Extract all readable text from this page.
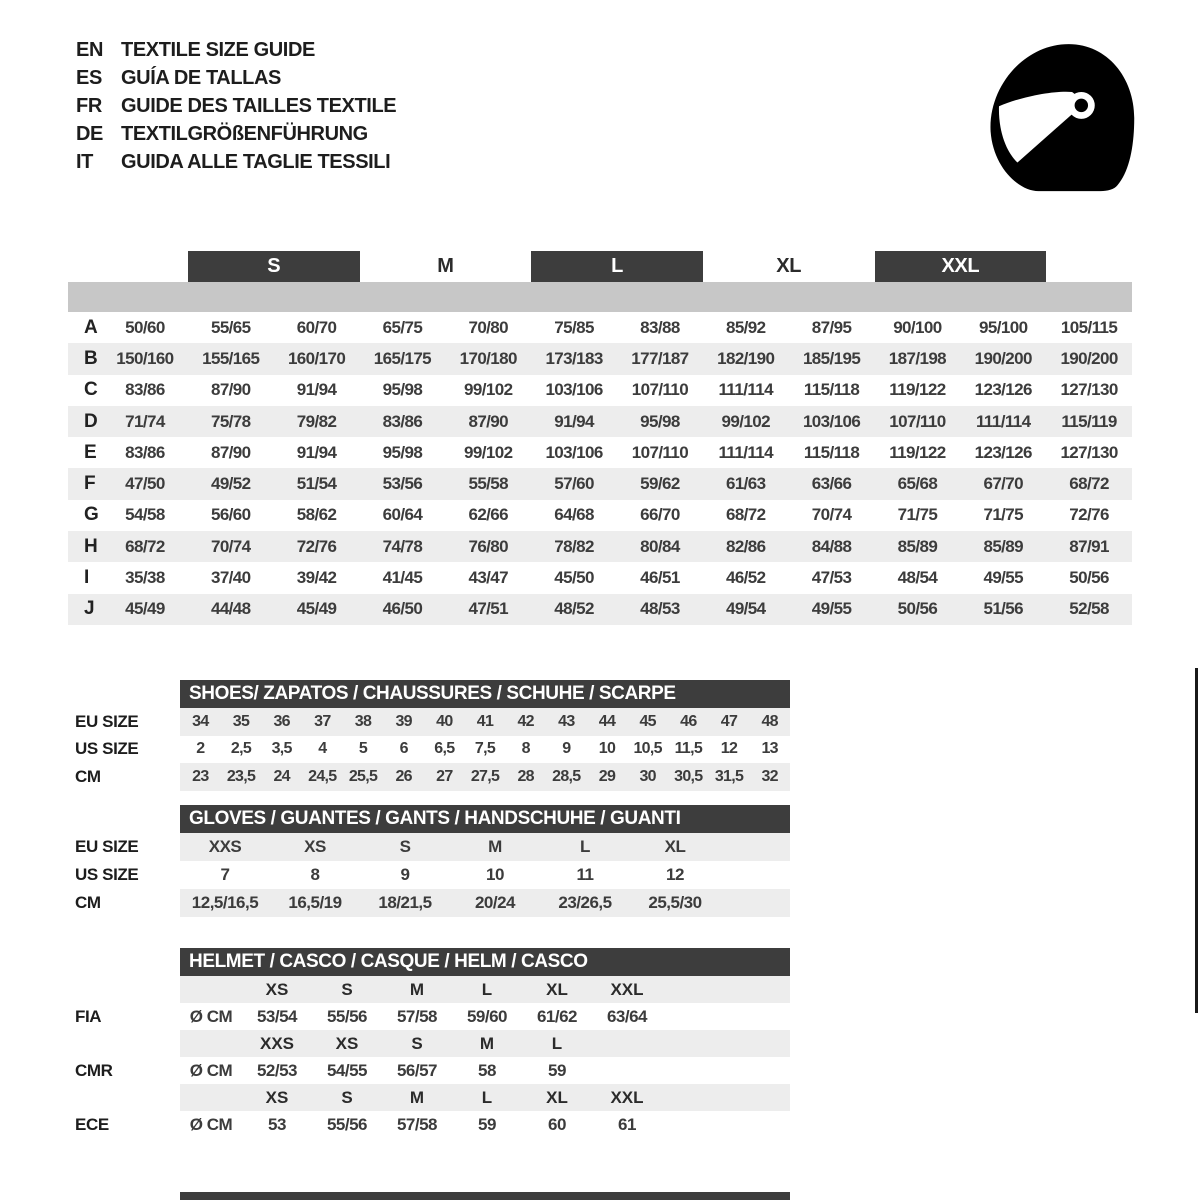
EN TEXTILE SIZE GUIDE
ES GUÍA DE TALLAS
FR GUIDE DES TAILLES TEXTILE
DE TEXTILGRÖßENFÜHRUNG
IT	GUIDA ALLE TAGLIE TESSILI
S	M	L	XL	XXL
A	50/60	55/65	60/70	65/75	70/80	75/85	83/88	85/92	87/95	90/100	95/100	105/115
B	150/160	155/165	160/170	165/175	170/180	173/183	177/187	182/190	185/195	187/198	190/200	190/200
C	83/86	87/90	91/94	95/98	99/102	103/106	107/110	111/114	115/118	119/122	123/126	127/130
D	71/74	75/78	79/82	83/86	87/90	91/94	95/98	99/102	103/106	107/110	111/114	115/119
E	83/86	87/90	91/94	95/98	99/102	103/106	107/110	111/114	115/118	119/122	123/126	127/130
F	47/50	49/52	51/54	53/56	55/58	57/60	59/62	61/63	63/66	65/68	67/70	68/72
G	54/58	56/60	58/62	60/64	62/66	64/68	66/70	68/72	70/74	71/75	71/75	72/76
H	68/72	70/74	72/76	74/78	76/80	78/82	80/84	82/86	84/88	85/89	85/89	87/91
I	35/38	37/40	39/42	41/45	43/47	45/50	46/51	46/52	47/53	48/54	49/55	50/56
J	45/49	44/48	45/49	46/50	47/51	48/52	48/53	49/54	49/55	50/56	51/56	52/58
SHOES/ ZAPATOS / CHAUSSURES / SCHUHE / SCARPE
EU SIZE	34	35	36	37	38	39	40	41	42	43	44	45	46	47	48
US SIZE	2	2,5	3,5	4	5	6	6,5	7,5	8	9	10	10,5 11,5	12	13
CM	23	23,5	24	24,5 25,5	26	27	27,5	28	28,5	29	30	30,5 31,5	32
GLOVES / GUANTES / GANTS / HANDSCHUHE / GUANTI
EU SIZE	XXS	XS	S	M	L	XL
US SIZE	7	8	9	10	11	12
CM	12,5/16,5	16,5/19	18/21,5	20/24	23/26,5	25,5/30
HELMET / CASCO / CASQUE / HELM / CASCO
XS	S	M	L	XL	XXL
FIA	Ø CM	53/54	55/56	57/58	59/60	61/62	63/64
XXS	XS	S	M	L
CMR	Ø CM	52/53	54/55	56/57	58	59
XS	S	M	L	XL	XXL
ECE	Ø CM	53	55/56	57/58	59	60	61
